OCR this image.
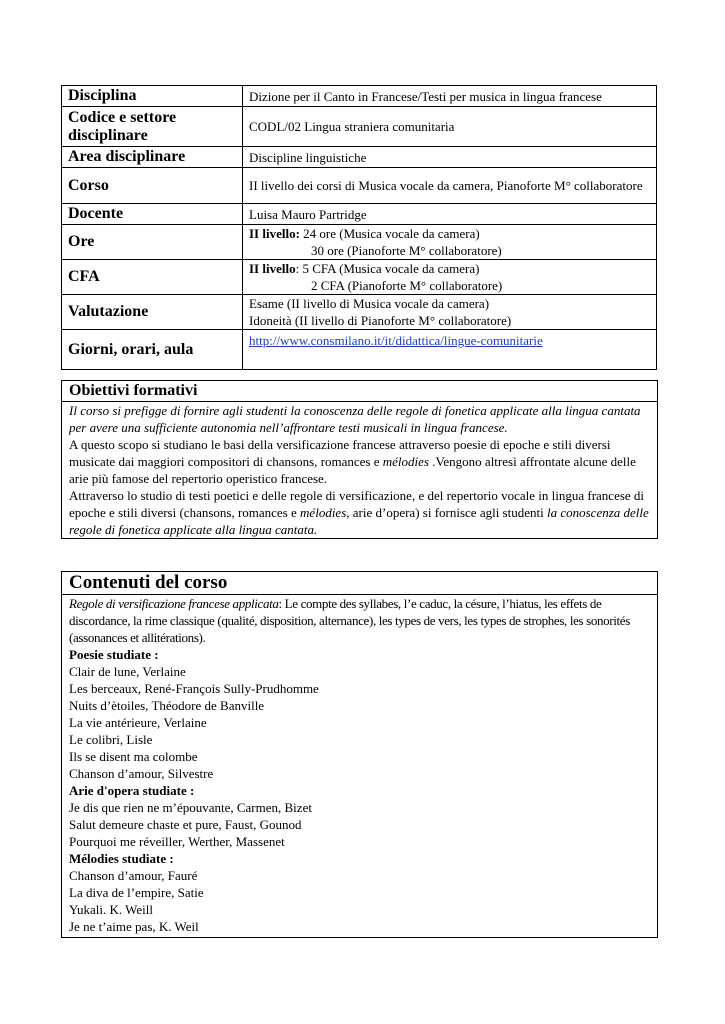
Disciplina	Dizione per il Canto in Francese/Testi per musica in lingua francese

Codice e settore
disciplinare	CODL/02 Lingua straniera comunitaria
Area disciplinare	Discipline linguistiche
Corso	II livello dei corsi di Musica vocale da camera, Pianoforte M° collaboratore
Docente	Luisa Mauro Partridge
Ore	II livello: 24 ore (Musica vocale da camera)
30 ore (Pianoforte M° collaboratore)

CFA	II livello: 5 CFA (Musica vocale da camera)
2 CFA (Pianoforte M° collaboratore)

Valutazione	Esame (II livello di Musica vocale da camera)
Idoneità (II livello di Pianoforte M° collaboratore)

Giorni, orari, aula	http://www.consmilano.it/it/didattica/lingue-comunitarie
Obiettivi formativi

Il corso si prefigge di fornire agli studenti la conoscenza delle regole di fonetica applicate alla lingua cantata per avere una sufficiente autonomia nell’affrontare testi musicali in lingua francese.

A questo scopo si studiano le basi della versificazione francese attraverso poesie di epoche e stili diversi musicate dai maggiori compositori di chansons, romances e mélodies .Vengono altresì affrontate alcune delle arie più famose del repertorio operistico francese.

Attraverso lo studio di testi poetici e delle regole di versificazione, e del repertorio vocale in lingua francese di epoche e stili diversi (chansons, romances e mélodies, arie d’opera) si fornisce agli studenti la conoscenza delle regole di fonetica applicate alla lingua cantata.

Contenuti del corso

Regole di versificazione francese applicata: Le compte des syllabes, l’e caduc, la césure, l’hiatus, les effets de discordance, la rime classique (qualité, disposition, alternance), les types de vers, les types de strophes, les sonorités (assonances et allitérations).

Poesie studiate :

Clair de lune, Verlaine
Les berceaux, René-François Sully-Prudhomme
Nuits d’ètoiles, Théodore de Banville
La vie antérieure, Verlaine
Le colibri, Lisle
Ils se disent ma colombe
Chanson d’amour, Silvestre

Arie d'opera studiate :

Je dis que rien ne m’épouvante, Carmen, Bizet
Salut demeure chaste et pure, Faust, Gounod
Pourquoi me réveiller, Werther, Massenet

Mélodies studiate :

Chanson d’amour, Fauré
La diva de l’empire, Satie
Yukali. K. Weill
Je ne t’aime pas, K. Weil
